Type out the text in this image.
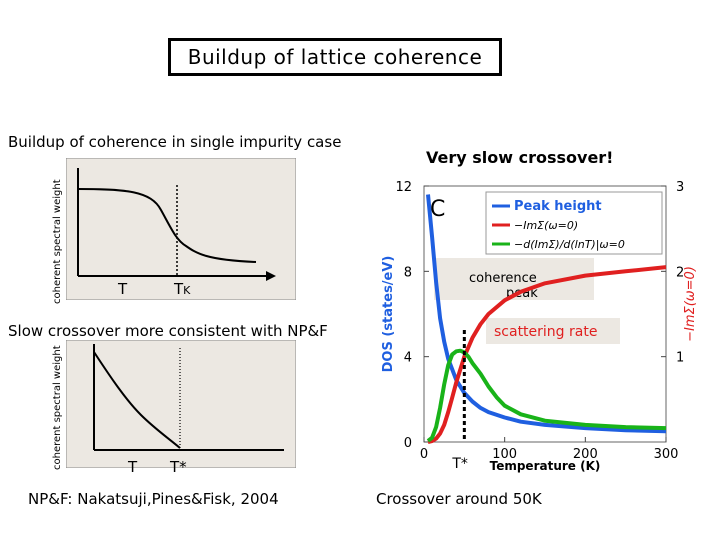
Buildup of lattice coherence
Buildup of coherence in single impurity case
coherent spectral weight	T	TK
Slow crossover more consistent with NP&F
coherent spectral weight	T T*
NP&F: Nakatsuji,Pines&Fisk, 2004
Very slow crossover!
Crossover around 50K
0	100	200	300
0
4
8
12
1
2
3
Temperature (K)
DOS (states/eV)	−ImΣ(ω=0)
coherence
peak
scattering rate
T*
C	Peak height
−ImΣ(ω=0)
−d(ImΣ)/d(lnT)|ω=0
